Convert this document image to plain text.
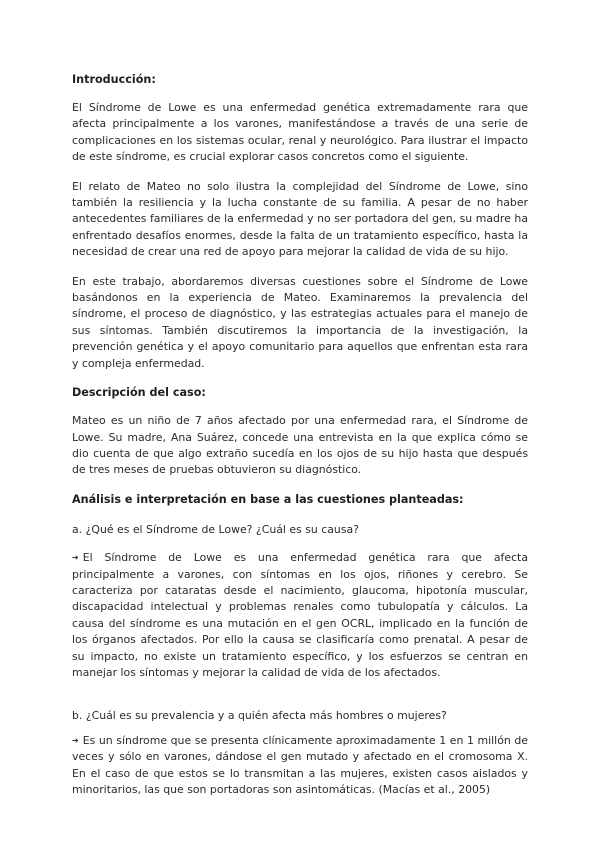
Introducción:

El Síndrome de Lowe es una enfermedad genética extremadamente rara que afecta principalmente a los varones, manifestándose a través de una serie de complicaciones en los sistemas ocular, renal y neurológico. Para ilustrar el impacto de este síndrome, es crucial explorar casos concretos como el siguiente.

El relato de Mateo no solo ilustra la complejidad del Síndrome de Lowe, sino también la resiliencia y la lucha constante de su familia. A pesar de no haber antecedentes familiares de la enfermedad y no ser portadora del gen, su madre ha enfrentado desafíos enormes, desde la falta de un tratamiento específico, hasta la necesidad de crear una red de apoyo para mejorar la calidad de vida de su hijo.

En este trabajo, abordaremos diversas cuestiones sobre el Síndrome de Lowe basándonos en la experiencia de Mateo. Examinaremos la prevalencia del síndrome, el proceso de diagnóstico, y las estrategias actuales para el manejo de sus síntomas. También discutiremos la importancia de la investigación, la prevención genética y el apoyo comunitario para aquellos que enfrentan esta rara y compleja enfermedad.

Descripción del caso:

Mateo es un niño de 7 años afectado por una enfermedad rara, el Síndrome de Lowe. Su madre, Ana Suárez, concede una entrevista en la que explica cómo se dio cuenta de que algo extraño sucedía en los ojos de su hijo hasta que después de tres meses de pruebas obtuvieron su diagnóstico.

Análisis e interpretación en base a las cuestiones planteadas:

a. ¿Qué es el Síndrome de Lowe? ¿Cuál es su causa?

➔ El Síndrome de Lowe es una enfermedad genética rara que afecta principalmente a varones, con síntomas en los ojos, riñones y cerebro. Se caracteriza por cataratas desde el nacimiento, glaucoma, hipotonía muscular, discapacidad intelectual y problemas renales como tubulopatía y cálculos. La causa del síndrome es una mutación en el gen OCRL, implicado en la función de los órganos afectados. Por ello la causa se clasificaría como prenatal. A pesar de su impacto, no existe un tratamiento específico, y los esfuerzos se centran en manejar los síntomas y mejorar la calidad de vida de los afectados.

b. ¿Cuál es su prevalencia y a quién afecta más hombres o mujeres?

➔ Es un síndrome que se presenta clínicamente aproximadamente 1 en 1 millón de veces y sólo en varones, dándose el gen mutado y afectado en el cromosoma X. En el caso de que estos se lo transmitan a las mujeres, existen casos aislados y minoritarios, las que son portadoras son asintomáticas. (Macías et al., 2005)
